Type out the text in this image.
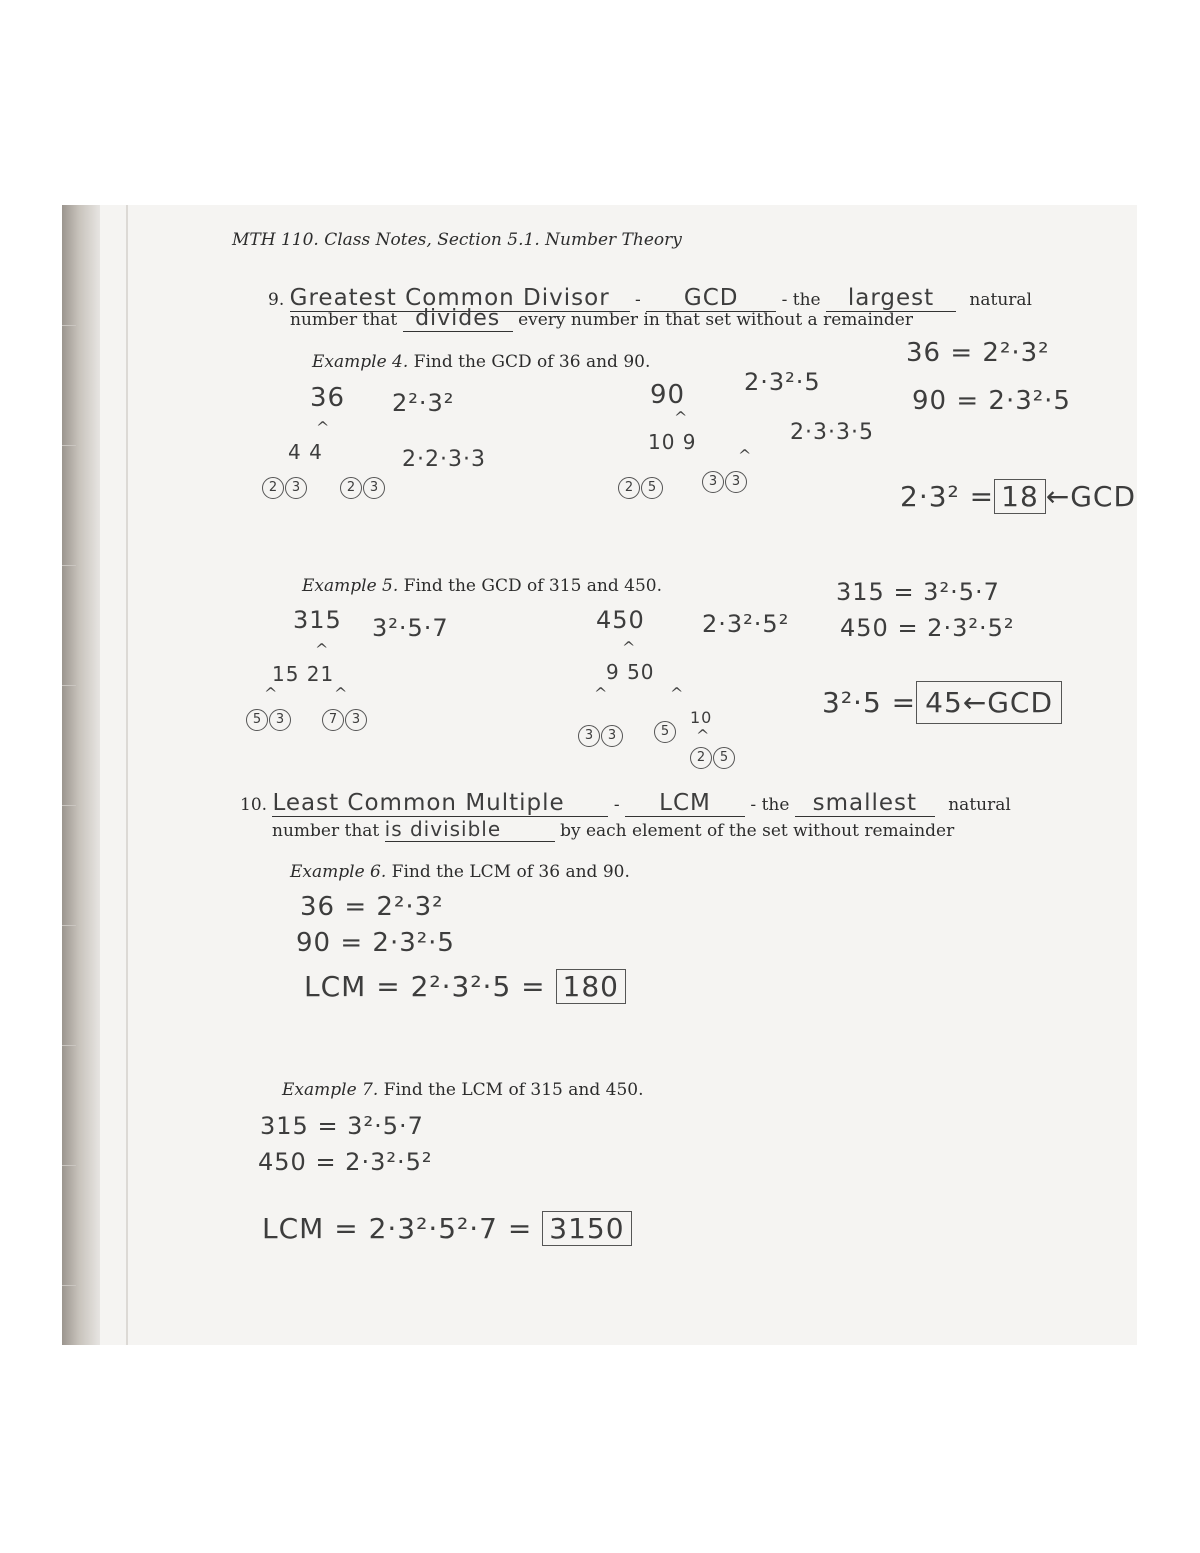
MTH 110. Class Notes, Section 5.1. Number Theory
9. Greatest Common Divisor - GCD	- the largest natural
number that divides every number in that set without a remainder
Example 4. Find the GCD of 36 and 90.
36 2²·3²
^
4 4	2·2·3·3
2 3	2 3
90 2·3²·5
^
10 9
^
2·3·3·5
2 5	3 3
36 = 2²·3²
90 = 2·3²·5
2·3² = 18 ←GCD
Example 5. Find the GCD of 315 and 450.
315 3²·5·7
^
15 21
^	^
5 3	7 3
450 2·3²·5²
^
9 50
^	^
3 3	5
10
^
2 5
315 = 3²·5·7
450 = 2·3²·5²
3²·5 = 45←GCD
10. Least Common Multiple	- LCM - the smallest natural
number that is divisible	by each element of the set without remainder
Example 6. Find the LCM of 36 and 90.
36 = 2²·3²
90 = 2·3²·5
LCM = 2²·3²·5 = 180
Example 7. Find the LCM of 315 and 450.
315 = 3²·5·7
450 = 2·3²·5²
LCM = 2·3²·5²·7 = 3150
